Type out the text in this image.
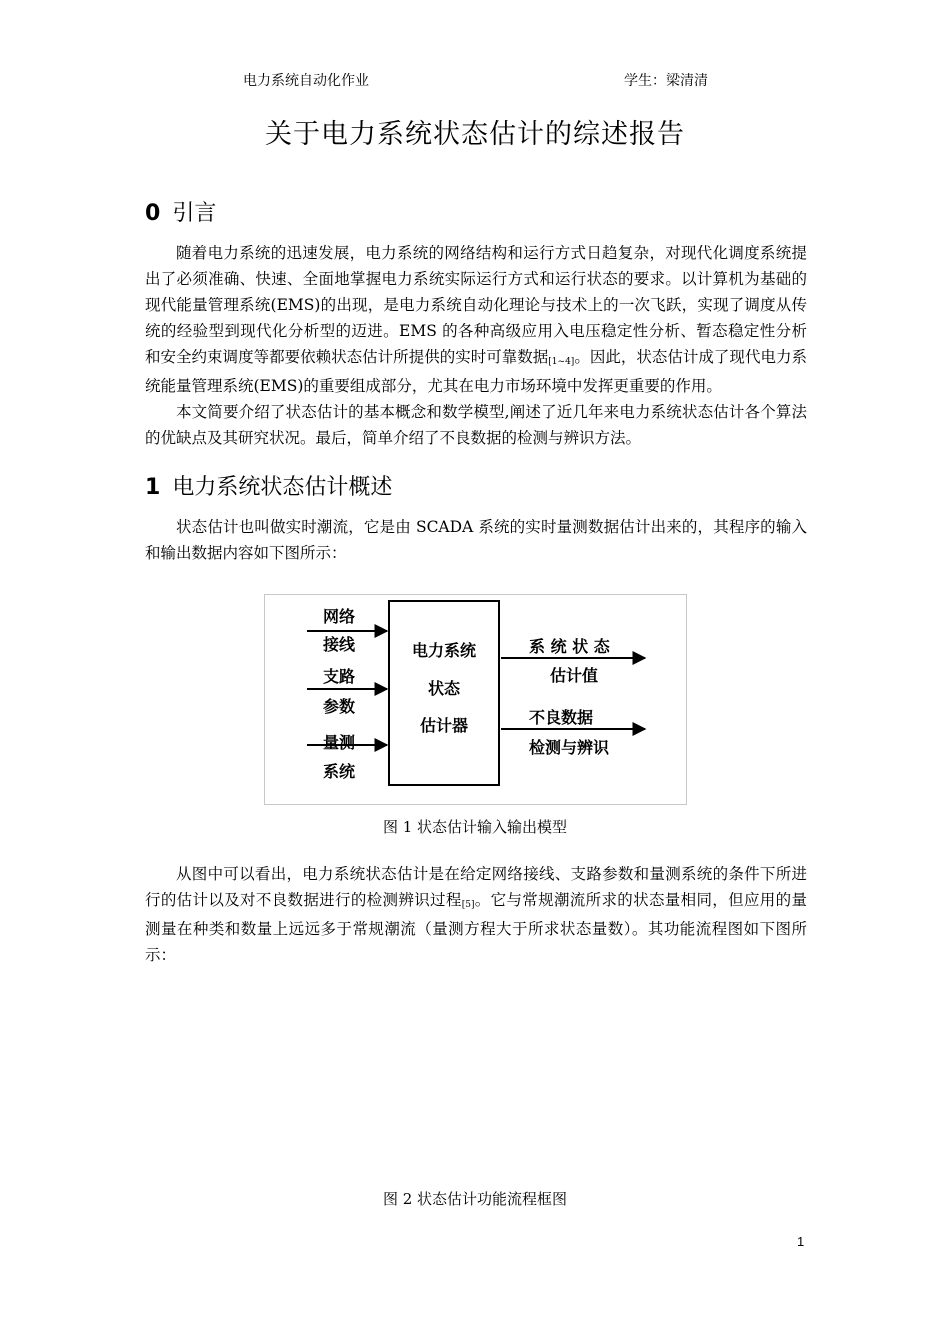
电力系统自动化作业	学生：梁清清
关于电力系统状态估计的综述报告
0 引言

随着电力系统的迅速发展，电力系统的网络结构和运行方式日趋复杂，对现代化调度系统提出了必须准确、快速、全面地掌握电力系统实际运行方式和运行状态的要求。以计算机为基础的现代能量管理系统(EMS)的出现，是电力系统自动化理论与技术上的一次飞跃，实现了调度从传统的经验型到现代化分析型的迈进。EMS 的各种高级应用入电压稳定性分析、暂态稳定性分析和安全约束调度等都要依赖状态估计所提供的实时可靠数据[1~4]。因此，状态估计成了现代电力系统能量管理系统(EMS)的重要组成部分，尤其在电力市场环境中发挥更重要的作用。

本文简要介绍了状态估计的基本概念和数学模型,阐述了近几年来电力系统状态估计各个算法的优缺点及其研究状况。最后，简单介绍了不良数据的检测与辨识方法。

1 电力系统状态估计概述

状态估计也叫做实时潮流，它是由 SCADA 系统的实时量测数据估计出来的，其程序的输入和输出数据内容如下图所示：

网络
接线
支路
参数
量测
系统
电力系统
状态
估计器
系 统 状 态
估计值
不良数据
检测与辨识
图 1 状态估计输入输出模型

从图中可以看出，电力系统状态估计是在给定网络接线、支路参数和量测系统的条件下所进行的估计以及对不良数据进行的检测辨识过程[5]。它与常规潮流所求的状态量相同，但应用的量测量在种类和数量上远远多于常规潮流（量测方程大于所求状态量数）。其功能流程图如下图所示：

图 2 状态估计功能流程框图
1
